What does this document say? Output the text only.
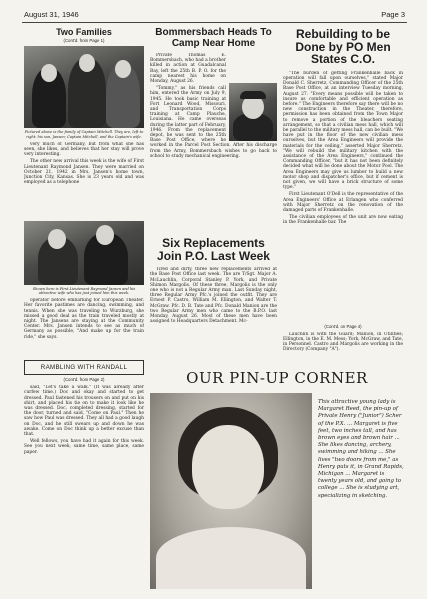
August 31, 1946	Page 3
Two Families
(Cont'd. from Page 1)
Pictured above is the family of Captain Mitchell. They are, left to right: his son, Jansen; Captain Mitchell, and the Captain's wife.

very much of Germany, but from what she has seen, she likes, and believes that her stay will prove very interesting.

The other new arrival this week is the wife of First Lieutenant Raymond Jansen. They were married on October 21, 1942 in Mrs. Jansen's home town, Junction City, Kansas. She is 23 years old and was employed as a telephone

Shown here is First Lieutenant Raymond Jansen and his attractive wife who has just joined him this week.

operator before embarking for European Theater. Her favorite pastimes are dancing, swimming, and tennis. When she was traveling to Wurzburg, she missed a good deal as the train traveled mostly at night. The Jansens are staying at the Community Center. Mrs. Jansen intends to see as much of Germany as possible, "And make up for the train ride," she says.

RAMBLING WITH RANDALL
(Cont'd. from Page 2)

said, "Let's take a walk." (It was already after curfew time.) Doc and okay and started to get dressed. Paul fastened his trousers on and put on his shirt, and placed his tie on to make it look like he was dressed. Doc, completed dressing, started for the door, turned and said, "Come on Paul." Then he saw how Paul was dressed. They all had a good laugh on Doc, and he still swears up and down he was awake. Come on Doc think up a better excuse than that.

Well fellows, you have had it again for this week. See you next week, same time, same place, same paper.

Bommersbach Heads To Camp Near Home

Private Thomas E. Bommersbach, who had a brother killed in action at Guadalcanal Bay, left the 25th B. P. O. for the camp nearest his home on Monday, August 26.

"Tommy," as his friends call him, entered the Army on July 9, 1945. He took basic training at Fort Leonard Wood, Missouri, and Transportation Corps training at Camp Plauche, Louisiana. He came overseas during the latter part of February, 1946. From the replacement depot, he was sent to the 25th Base Post Office, where he worked in the Parcel Post Section. After his discharge from the Army, Bommersbach wishes to go back to school to study mechanical engineering.

Six Replacements Join P.O. Last Week

Tired and dirty, three new replacements arrived at the Base Post Office last week. The are T/Sgt. Major A. McLauchlin, Corporal Stanley P. York, and Private Shimon Margolis. Of these three, Margolis is the only one who is not a Regular Army man. Last Sunday night, three Regular Army Pfc.'s joined the outfit. They are Ernest P. Castro, William M. Ellington, and Walter T. McGraw. Pfc. D. B. Tate and Pfc. Donald Manion are the two Regular Army men who came to the B.P.O. last Monday, August 26. Most of these men have been assigned to Headquarters Detachment. Mc-

Rebuilding to be Done by PO Men States C.O.

"The burden of getting Frankenhalle back in operation will fall upon ourselves," stated Major Donald C. Sherretz, Commanding Officer of the 25th Base Post Office, at an interview Tuesday morning, August 27. "Every means possible will be taken to insure as comfortable and efficient operation as before." The Engineers therefore say there will be no new construction in the Theater, therefore, permission has been obtained from the Town Major to remove a portion of the bleachers seating arrangement, so that a civilian mess hall, which will be parallel to the military mess hall, can be built. "We have put in the floor of the new civilian mess ourselves, but the Area Engineers will provide the materials for the ceiling," asserted Major Sherretz. "We will rebuild the military kitchen with the assistance of the Area Engineers," continued the Commanding Officer, "but it has not been definitely decided what will be done about the Motor Pool. The Area Engineers may give us lumber to build a new motor shop and dispatcher's office, but if cement is not given, we will have a brick structure of some type."

First Lieutenant O'Dell is the representative of the Area Engineers' Office at Erlangen who conferred with Major Sherretz on the renovation of the damaged parts of Frankenhalle.

The civilian employees of the unit are now eating in the Frankenhalle bar. The

(Cont'd. on Page 4)

Lauchlin is with the Guard; Manion, in Utilities; Ellington, in the E. M. Mess; York, McGraw, and Tate, in Personnel. Castro and Margolis are working in the Directory (Company "A").

OUR PIN-UP CORNER
This attractive young lady is Margaret Reed, the pin-up of Private Henry ("Junior") Scher of the P.X. ... Margaret is five feet, two inches tall, and has brown eyes and brown hair ... She likes dancing, archery, swimming and hiking ... She lives "two doors from me," as Henry puts it, in Grand Rapids, Michigan ... Margaret is twenty years old, and going to college ... She is studying art, specializing in sketching.
